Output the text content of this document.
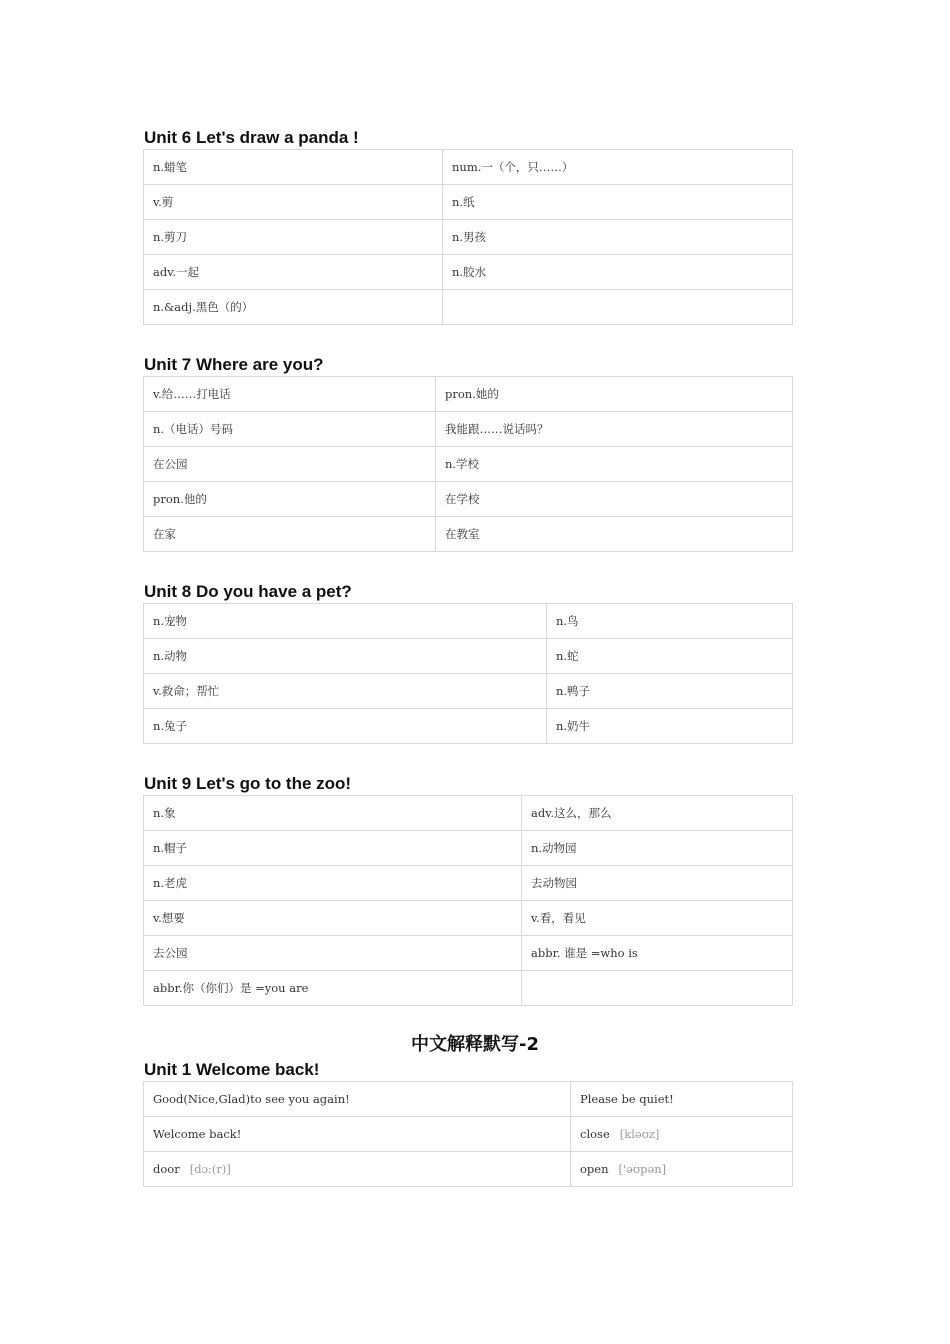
Unit 6 Let's draw a panda !
n.蜡笔	num.一（个，只……）
v.剪	n.纸
n.剪刀	n.男孩
adv.一起	n.胶水
n.&adj.黑色（的）	
Unit 7 Where are you?
v.给……打电话	pron.她的
n.（电话）号码	我能跟……说话吗？
在公园	n.学校
pron.他的	在学校
在家	在教室
Unit 8 Do you have a pet?
n.宠物	n.鸟
n.动物	n.蛇
v.救命；帮忙	n.鸭子
n.兔子	n.奶牛
Unit 9 Let's go to the zoo!
n.象	adv.这么，那么
n.帽子	n.动物园
n.老虎	去动物园
v.想要	v.看，看见
去公园	abbr. 谁是 =who is
abbr.你（你们）是 =you are	
中文解释默写-2
Unit 1 Welcome back!
Good(Nice,Glad)to see you again!	Please be quiet!
Welcome back!	close [kləʊz]
door [dɔ:(r)]	open ['əʊpən]
